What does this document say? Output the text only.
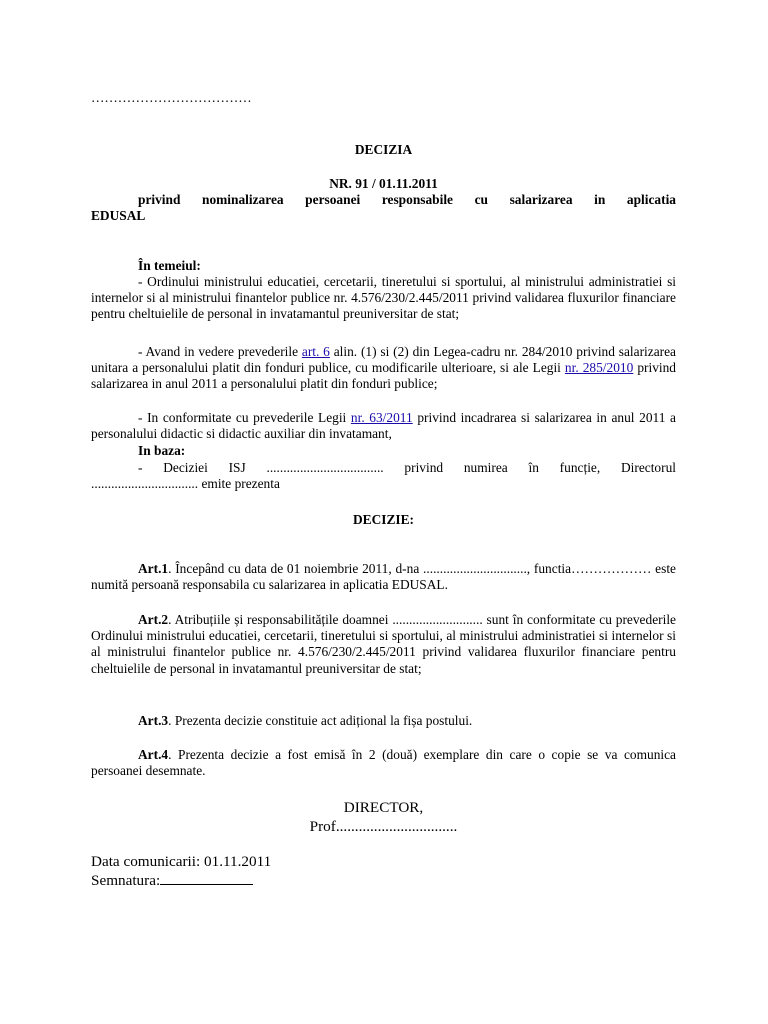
………………………………
DECIZIA
NR. 91 / 01.11.2011
privind nominalizarea persoanei responsabile cu salarizarea in aplicatia
EDUSAL
În temeiul:
- Ordinului ministrului educatiei, cercetarii, tineretului si sportului, al ministrului administratiei si internelor si al ministrului finantelor publice nr. 4.576/230/2.445/2011 privind validarea fluxurilor financiare pentru cheltuielile de personal in invatamantul preuniversitar de stat;
- Avand in vedere prevederile art. 6 alin. (1) si (2) din Legea-cadru nr. 284/2010 privind salarizarea unitara a personalului platit din fonduri publice, cu modificarile ulterioare, si ale Legii nr. 285/2010 privind salarizarea in anul 2011 a personalului platit din fonduri publice;
- In conformitate cu prevederile Legii nr. 63/2011 privind incadrarea si salarizarea in anul 2011 a personalului didactic si didactic auxiliar din invatamant,
In baza:
- Deciziei ISJ ................................... privind numirea în funcție, Directorul
................................ emite prezenta
DECIZIE:
Art.1. Începând cu data de 01 noiembrie 2011, d-na ..............................., functia……………… este numită persoană responsabila cu salarizarea in aplicatia EDUSAL.
Art.2. Atribuțiile și responsabilitățile doamnei ........................... sunt în conformitate cu prevederile Ordinului ministrului educatiei, cercetarii, tineretului si sportului, al ministrului administratiei si internelor si al ministrului finantelor publice nr. 4.576/230/2.445/2011 privind validarea fluxurilor financiare pentru cheltuielile de personal in invatamantul preuniversitar de stat;
Art.3. Prezenta decizie constituie act adițional la fișa postului.
Art.4. Prezenta decizie a fost emisă în 2 (două) exemplare din care o copie se va comunica persoanei desemnate.
DIRECTOR,
Prof................................
Data comunicarii: 01.11.2011
Semnatura:
